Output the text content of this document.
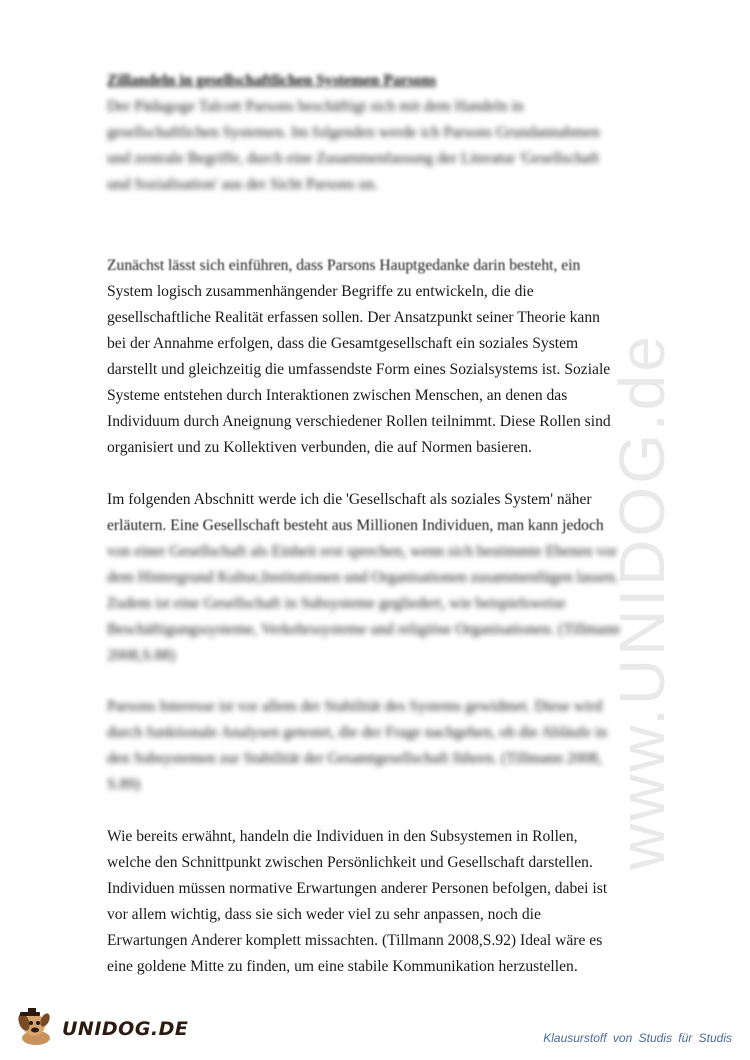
www.UNIDOG.de
Zillandeln in gesellschaftlichen Systemen Parsons
Der Pädagoge Talcott Parsons beschäftigt sich mit dem Handeln in
gesellschaftlichen Systemen. Im folgenden werde ich Parsons Grundannahmen
und zentrale Begriffe, durch eine Zusammenfassung der Literatur 'Gesellschaft
und Sozialisation' aus der Sicht Parsons un.
Zunächst lässt sich einführen, dass Parsons Hauptgedanke darin besteht, ein
System logisch zusammenhängender Begriffe zu entwickeln, die die
gesellschaftliche Realität erfassen sollen. Der Ansatzpunkt seiner Theorie kann
bei der Annahme erfolgen, dass die Gesamtgesellschaft ein soziales System
darstellt und gleichzeitig die umfassendste Form eines Sozialsystems ist. Soziale
Systeme entstehen durch Interaktionen zwischen Menschen, an denen das
Individuum durch Aneignung verschiedener Rollen teilnimmt. Diese Rollen sind
organisiert und zu Kollektiven verbunden, die auf Normen basieren.
Im folgenden Abschnitt werde ich die 'Gesellschaft als soziales System' näher
erläutern. Eine Gesellschaft besteht aus Millionen Individuen, man kann jedoch
von einer Gesellschaft als Einheit erst sprechen, wenn sich bestimmte Ebenen vor
dem Hintergrund Kultur,Institutionen und Organisationen zusammenfügen lassen.
Zudem ist eine Gesellschaft in Subsysteme gegliedert, wie beispielsweise
Beschäftigungssysteme, Verkehrssysteme und religiöse Organisationen. (Tillmann
2008,S.88)
Parsons Interesse ist vor allem der Stabilität des Systems gewidmet. Diese wird
durch funktionale Analysen getestet, die der Frage nachgehen, ob die Abläufe in
den Subsystemen zur Stabilität der Gesamtgesellschaft führen. (Tillmann 2008,
S.89)
Wie bereits erwähnt, handeln die Individuen in den Subsystemen in Rollen,
welche den Schnittpunkt zwischen Persönlichkeit und Gesellschaft darstellen.
Individuen müssen normative Erwartungen anderer Personen befolgen, dabei ist
vor allem wichtig, dass sie sich weder viel zu sehr anpassen, noch die
Erwartungen Anderer komplett missachten. (Tillmann 2008,S.92) Ideal wäre es
eine goldene Mitte zu finden, um eine stabile Kommunikation herzustellen.
UNIDOG.DE	Klausurstoff von Studis für Studis
